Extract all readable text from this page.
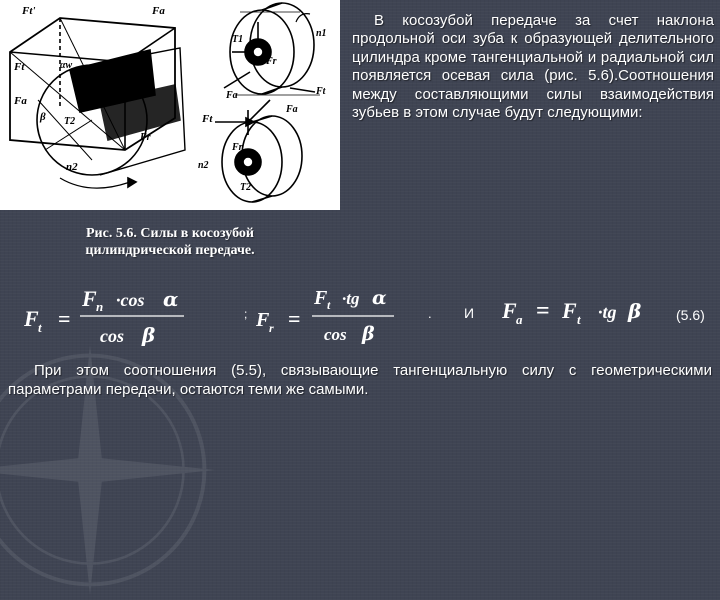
Ft'	Fa
Ft
Fa
αw
d2
β T2
Fr
n2
T1
n1
Fr
Fa
Ft
Fa
Fr
n2
T2
Ft
Рис. 5.6. Силы в косозубой
цилиндрической передаче.
В косозубой передаче за счет наклона продольной оси зуба к образующей делительного цилиндра кроме тангенциальной и радиальной сил появляется осевая сила (рис. 5.6).Соотношения между составляющими силы взаимодействия зубьев в этом случае будут следующими:
F t =
F n ·cos α
cos β
; F r =
F t ·tg α
cos β
. И F a = F t ·tg β (5.6)
При этом соотношения (5.5), связывающие тангенциальную силу с геометрическими параметрами передачи, остаются теми же самыми.
